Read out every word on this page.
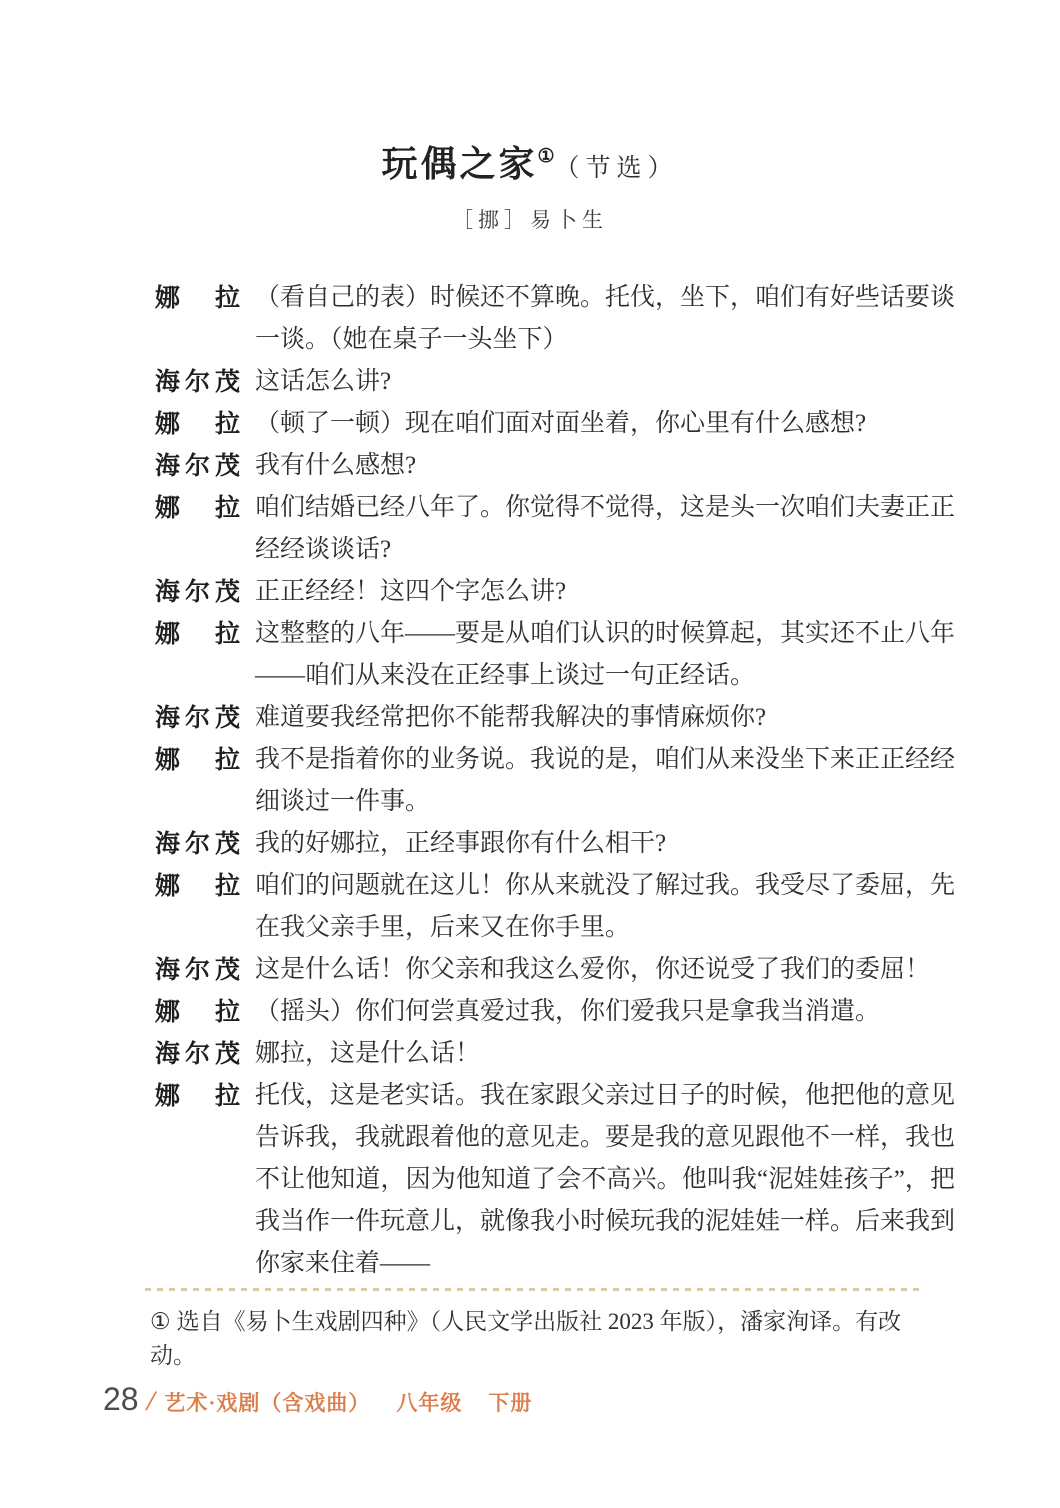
玩偶之家①（节选）
［挪］易卜生
娜拉 （看自己的表）时候还不算晚。托伐，坐下，咱们有好些话要谈一谈。（她在桌子一头坐下）
海尔茂 这话怎么讲?
娜拉 （顿了一顿）现在咱们面对面坐着，你心里有什么感想?
海尔茂 我有什么感想?
娜拉 咱们结婚已经八年了。你觉得不觉得，这是头一次咱们夫妻正正经经谈谈话?
海尔茂 正正经经！这四个字怎么讲?
娜拉 这整整的八年——要是从咱们认识的时候算起，其实还不止八年——咱们从来没在正经事上谈过一句正经话。
海尔茂 难道要我经常把你不能帮我解决的事情麻烦你?
娜拉 我不是指着你的业务说。我说的是，咱们从来没坐下来正正经经细谈过一件事。
海尔茂 我的好娜拉，正经事跟你有什么相干?
娜拉 咱们的问题就在这儿！你从来就没了解过我。我受尽了委屈，先在我父亲手里，后来又在你手里。
海尔茂 这是什么话！你父亲和我这么爱你，你还说受了我们的委屈！
娜拉 （摇头）你们何尝真爱过我，你们爱我只是拿我当消遣。
海尔茂 娜拉，这是什么话！
娜拉 托伐，这是老实话。我在家跟父亲过日子的时候，他把他的意见告诉我，我就跟着他的意见走。要是我的意见跟他不一样，我也不让他知道，因为他知道了会不高兴。他叫我“泥娃娃孩子”，把我当作一件玩意儿，就像我小时候玩我的泥娃娃一样。后来我到你家来住着——
① 选自《易卜生戏剧四种》（人民文学出版社 2023 年版），潘家洵译。有改动。
28 / 艺术·戏剧（含戏曲） 八年级 下册
